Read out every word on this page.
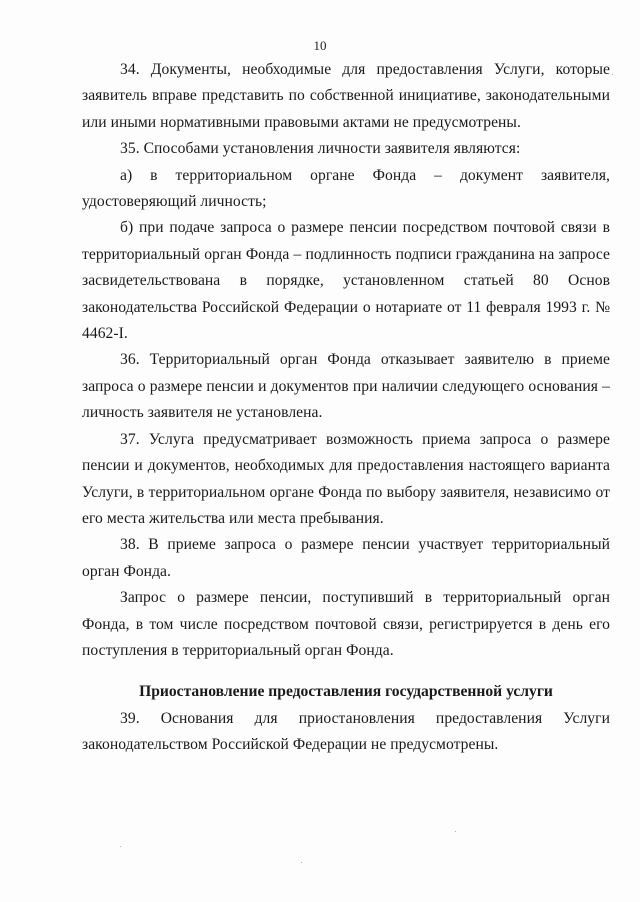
10

34. Документы, необходимые для предоставления Услуги, которые заявитель вправе представить по собственной инициативе, законодательными или иными нормативными правовыми актами не предусмотрены.

35. Способами установления личности заявителя являются:

а) в территориальном органе Фонда – документ заявителя, удостоверяющий личность;

б) при подаче запроса о размере пенсии посредством почтовой связи в территориальный орган Фонда – подлинность подписи гражданина на запросе засвидетельствована в порядке, установленном статьей 80 Основ законодательства Российской Федерации о нотариате от 11 февраля 1993 г. № 4462-I.

36. Территориальный орган Фонда отказывает заявителю в приеме запроса о размере пенсии и документов при наличии следующего основания – личность заявителя не установлена.

37. Услуга предусматривает возможность приема запроса о размере пенсии и документов, необходимых для предоставления настоящего варианта Услуги, в территориальном органе Фонда по выбору заявителя, независимо от его места жительства или места пребывания.

38. В приеме запроса о размере пенсии участвует территориальный орган Фонда.

Запрос о размере пенсии, поступивший в территориальный орган Фонда, в том числе посредством почтовой связи, регистрируется в день его поступления в территориальный орган Фонда.

Приостановление предоставления государственной услуги

39. Основания для приостановления предоставления Услуги законодательством Российской Федерации не предусмотрены.
